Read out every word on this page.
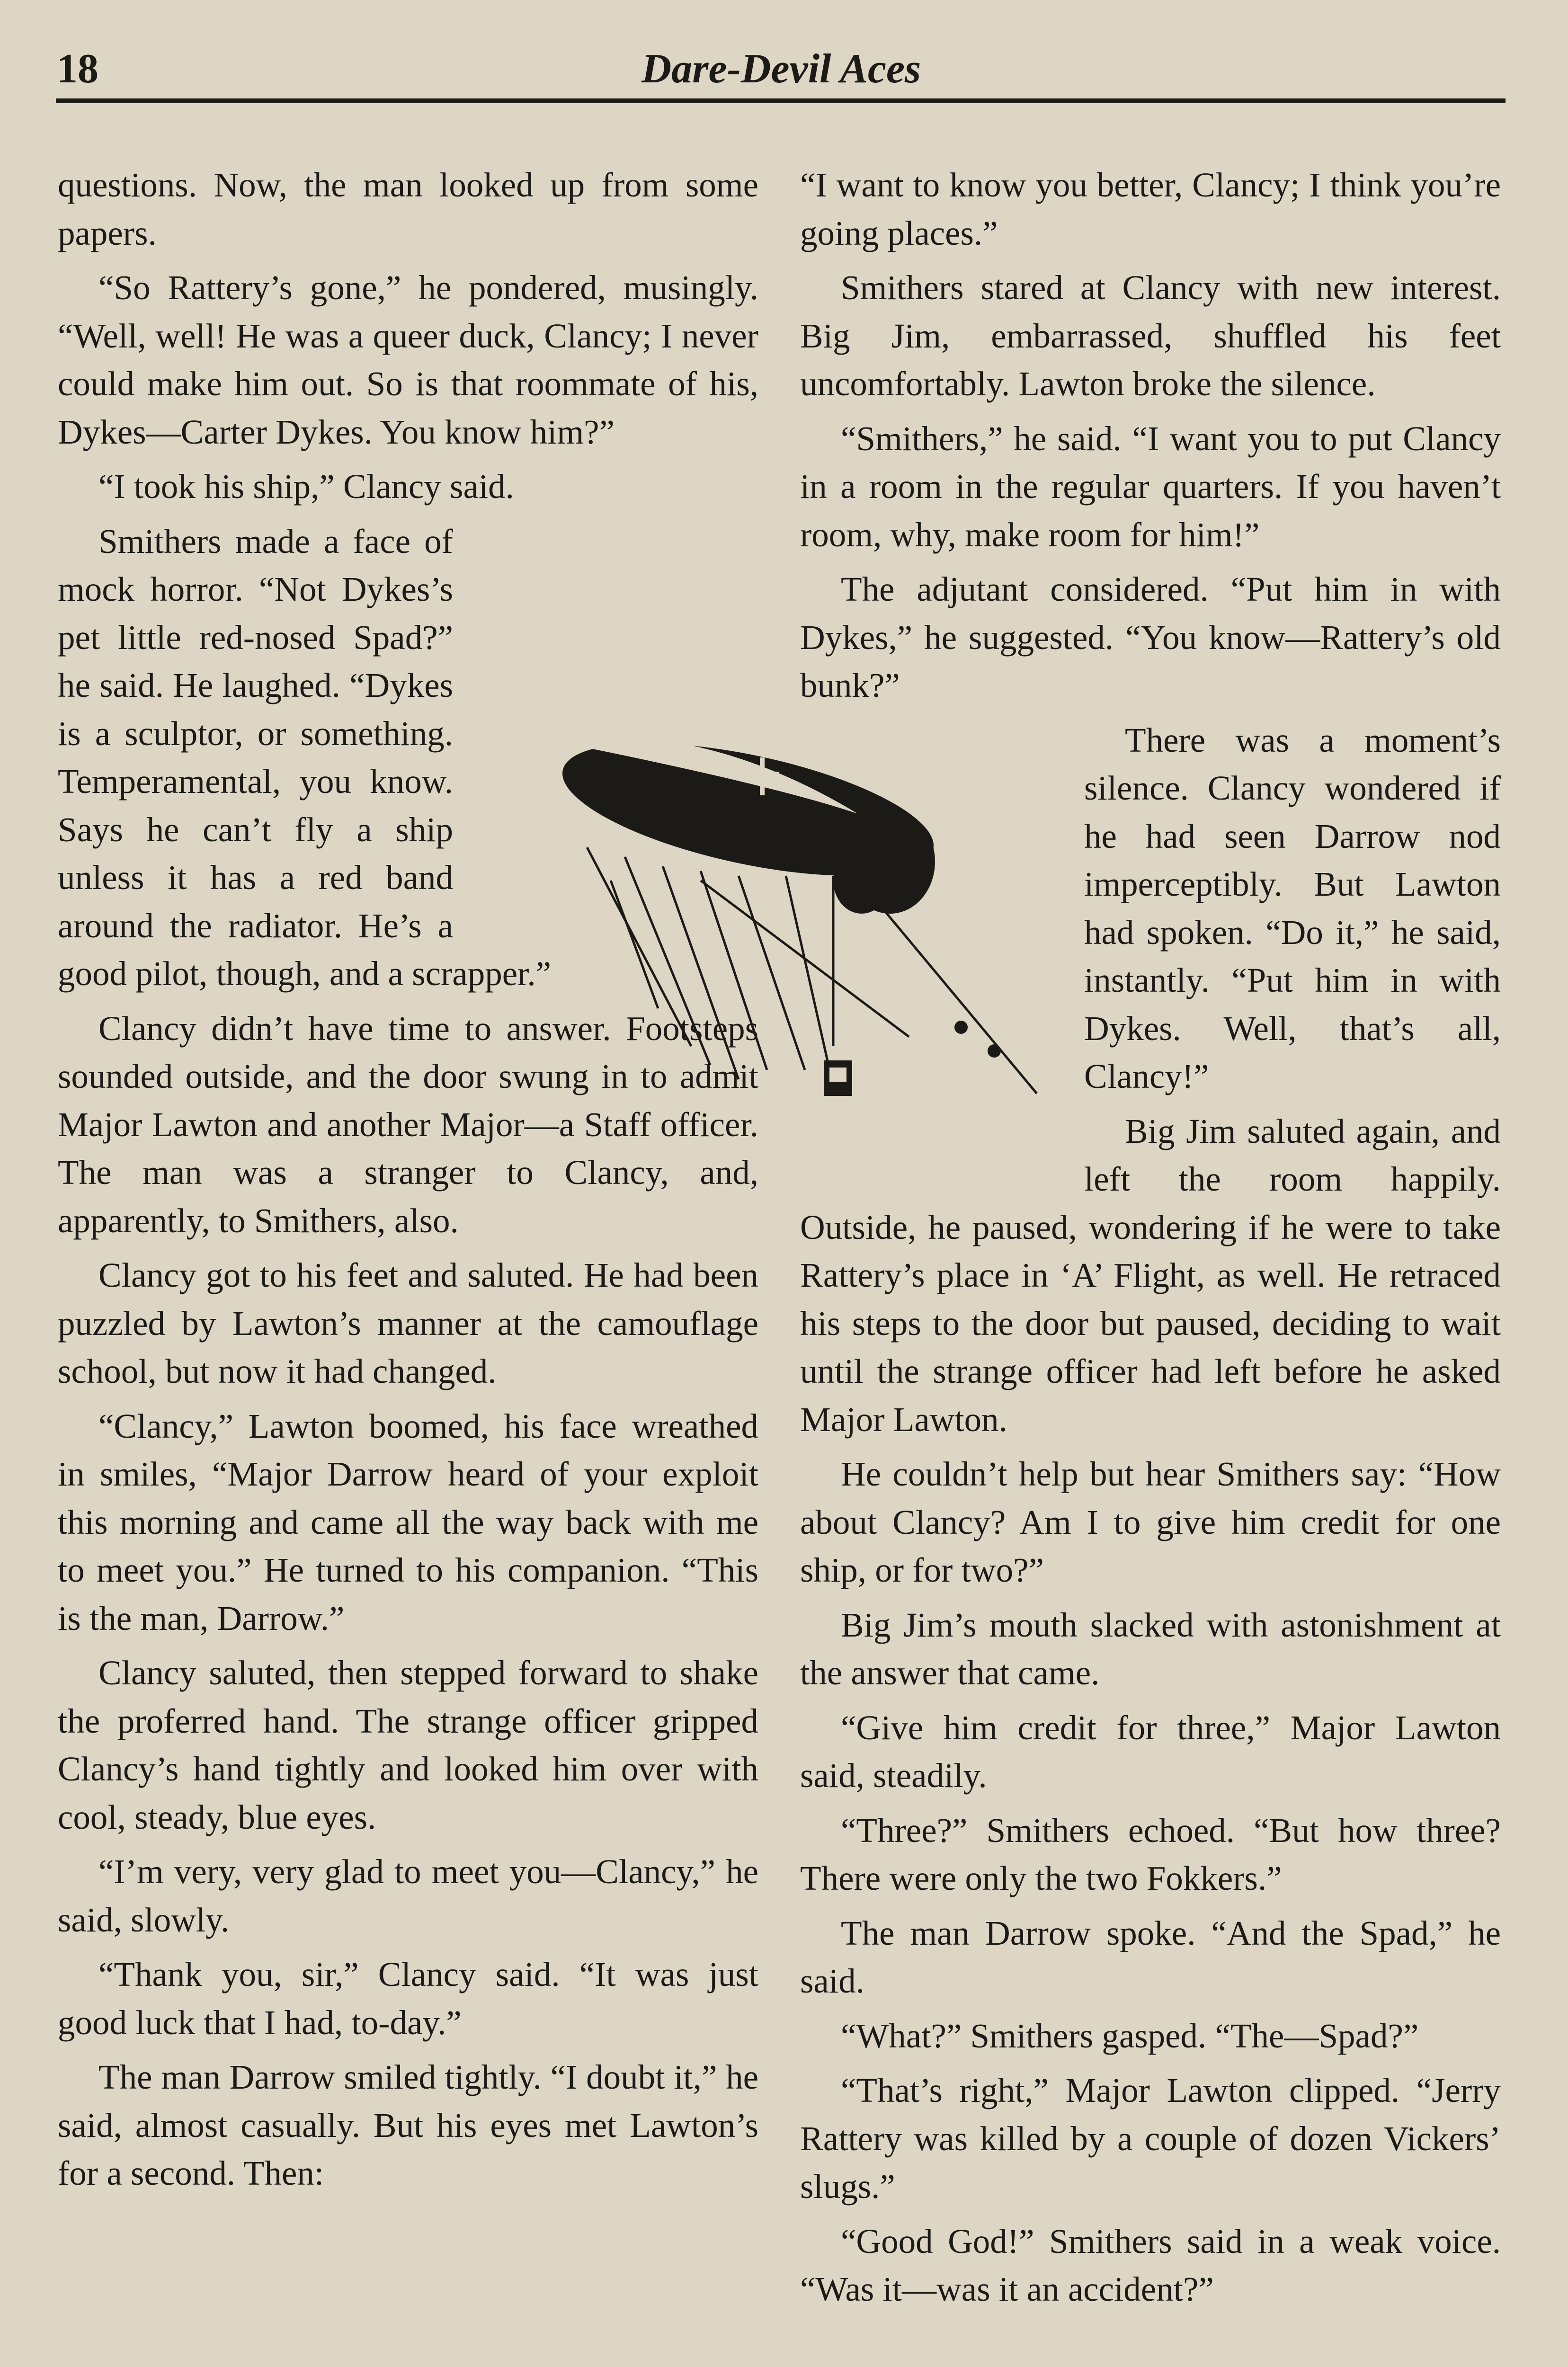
18	Dare-Devil Aces

questions. Now, the man looked up from some papers.

“So Rattery’s gone,” he pondered, musingly. “Well, well! He was a queer duck, Clancy; I never could make him out. So is that roommate of his, Dykes—Carter Dykes. You know him?”

“I took his ship,” Clancy said.

Smithers made a face of mock horror. “Not Dykes’s pet little red-nosed Spad?” he said. He laughed. “Dykes is a sculptor, or something. Temperamental, you know. Says he can’t fly a ship unless it has a red band around the radiator. He’s a good pilot, though, and a scrapper.”

Clancy didn’t have time to answer. Footsteps sounded outside, and the door swung in to admit Major Lawton and another Major—a Staff officer. The man was a stranger to Clancy, and, apparently, to Smithers, also.

Clancy got to his feet and saluted. He had been puzzled by Lawton’s manner at the camouflage school, but now it had changed.

“Clancy,” Lawton boomed, his face wreathed in smiles, “Major Darrow heard of your exploit this morning and came all the way back with me to meet you.” He turned to his companion. “This is the man, Darrow.”

Clancy saluted, then stepped forward to shake the proferred hand. The strange officer gripped Clancy’s hand tightly and looked him over with cool, steady, blue eyes.

“I’m very, very glad to meet you—Clancy,” he said, slowly.

“Thank you, sir,” Clancy said. “It was just good luck that I had, to-day.”

The man Darrow smiled tightly. “I doubt it,” he said, almost casually. But his eyes met Lawton’s for a second. Then:

“I want to know you better, Clancy; I think you’re going places.”

Smithers stared at Clancy with new interest. Big Jim, embarrassed, shuffled his feet uncomfortably. Lawton broke the silence.

“Smithers,” he said. “I want you to put Clancy in a room in the regular quarters. If you haven’t room, why, make room for him!”

The adjutant considered. “Put him in with Dykes,” he suggested. “You know—Rattery’s old bunk?”

There was a moment’s silence. Clancy wondered if he had seen Darrow nod imperceptibly. But Lawton had spoken. “Do it,” he said, instantly. “Put him in with Dykes. Well, that’s all, Clancy!”

Big Jim saluted again, and left the room happily. Outside, he paused, wondering if he were to take Rattery’s place in ‘A’ Flight, as well. He retraced his steps to the door but paused, deciding to wait until the strange officer had left before he asked Major Lawton.

He couldn’t help but hear Smithers say: “How about Clancy? Am I to give him credit for one ship, or for two?”

Big Jim’s mouth slacked with astonishment at the answer that came.

“Give him credit for three,” Major Lawton said, steadily.

“Three?” Smithers echoed. “But how three? There were only the two Fokkers.”

The man Darrow spoke. “And the Spad,” he said.

“What?” Smithers gasped. “The—Spad?”

“That’s right,” Major Lawton clipped. “Jerry Rattery was killed by a couple of dozen Vickers’ slugs.”

“Good God!” Smithers said in a weak voice. “Was it—was it an accident?”
